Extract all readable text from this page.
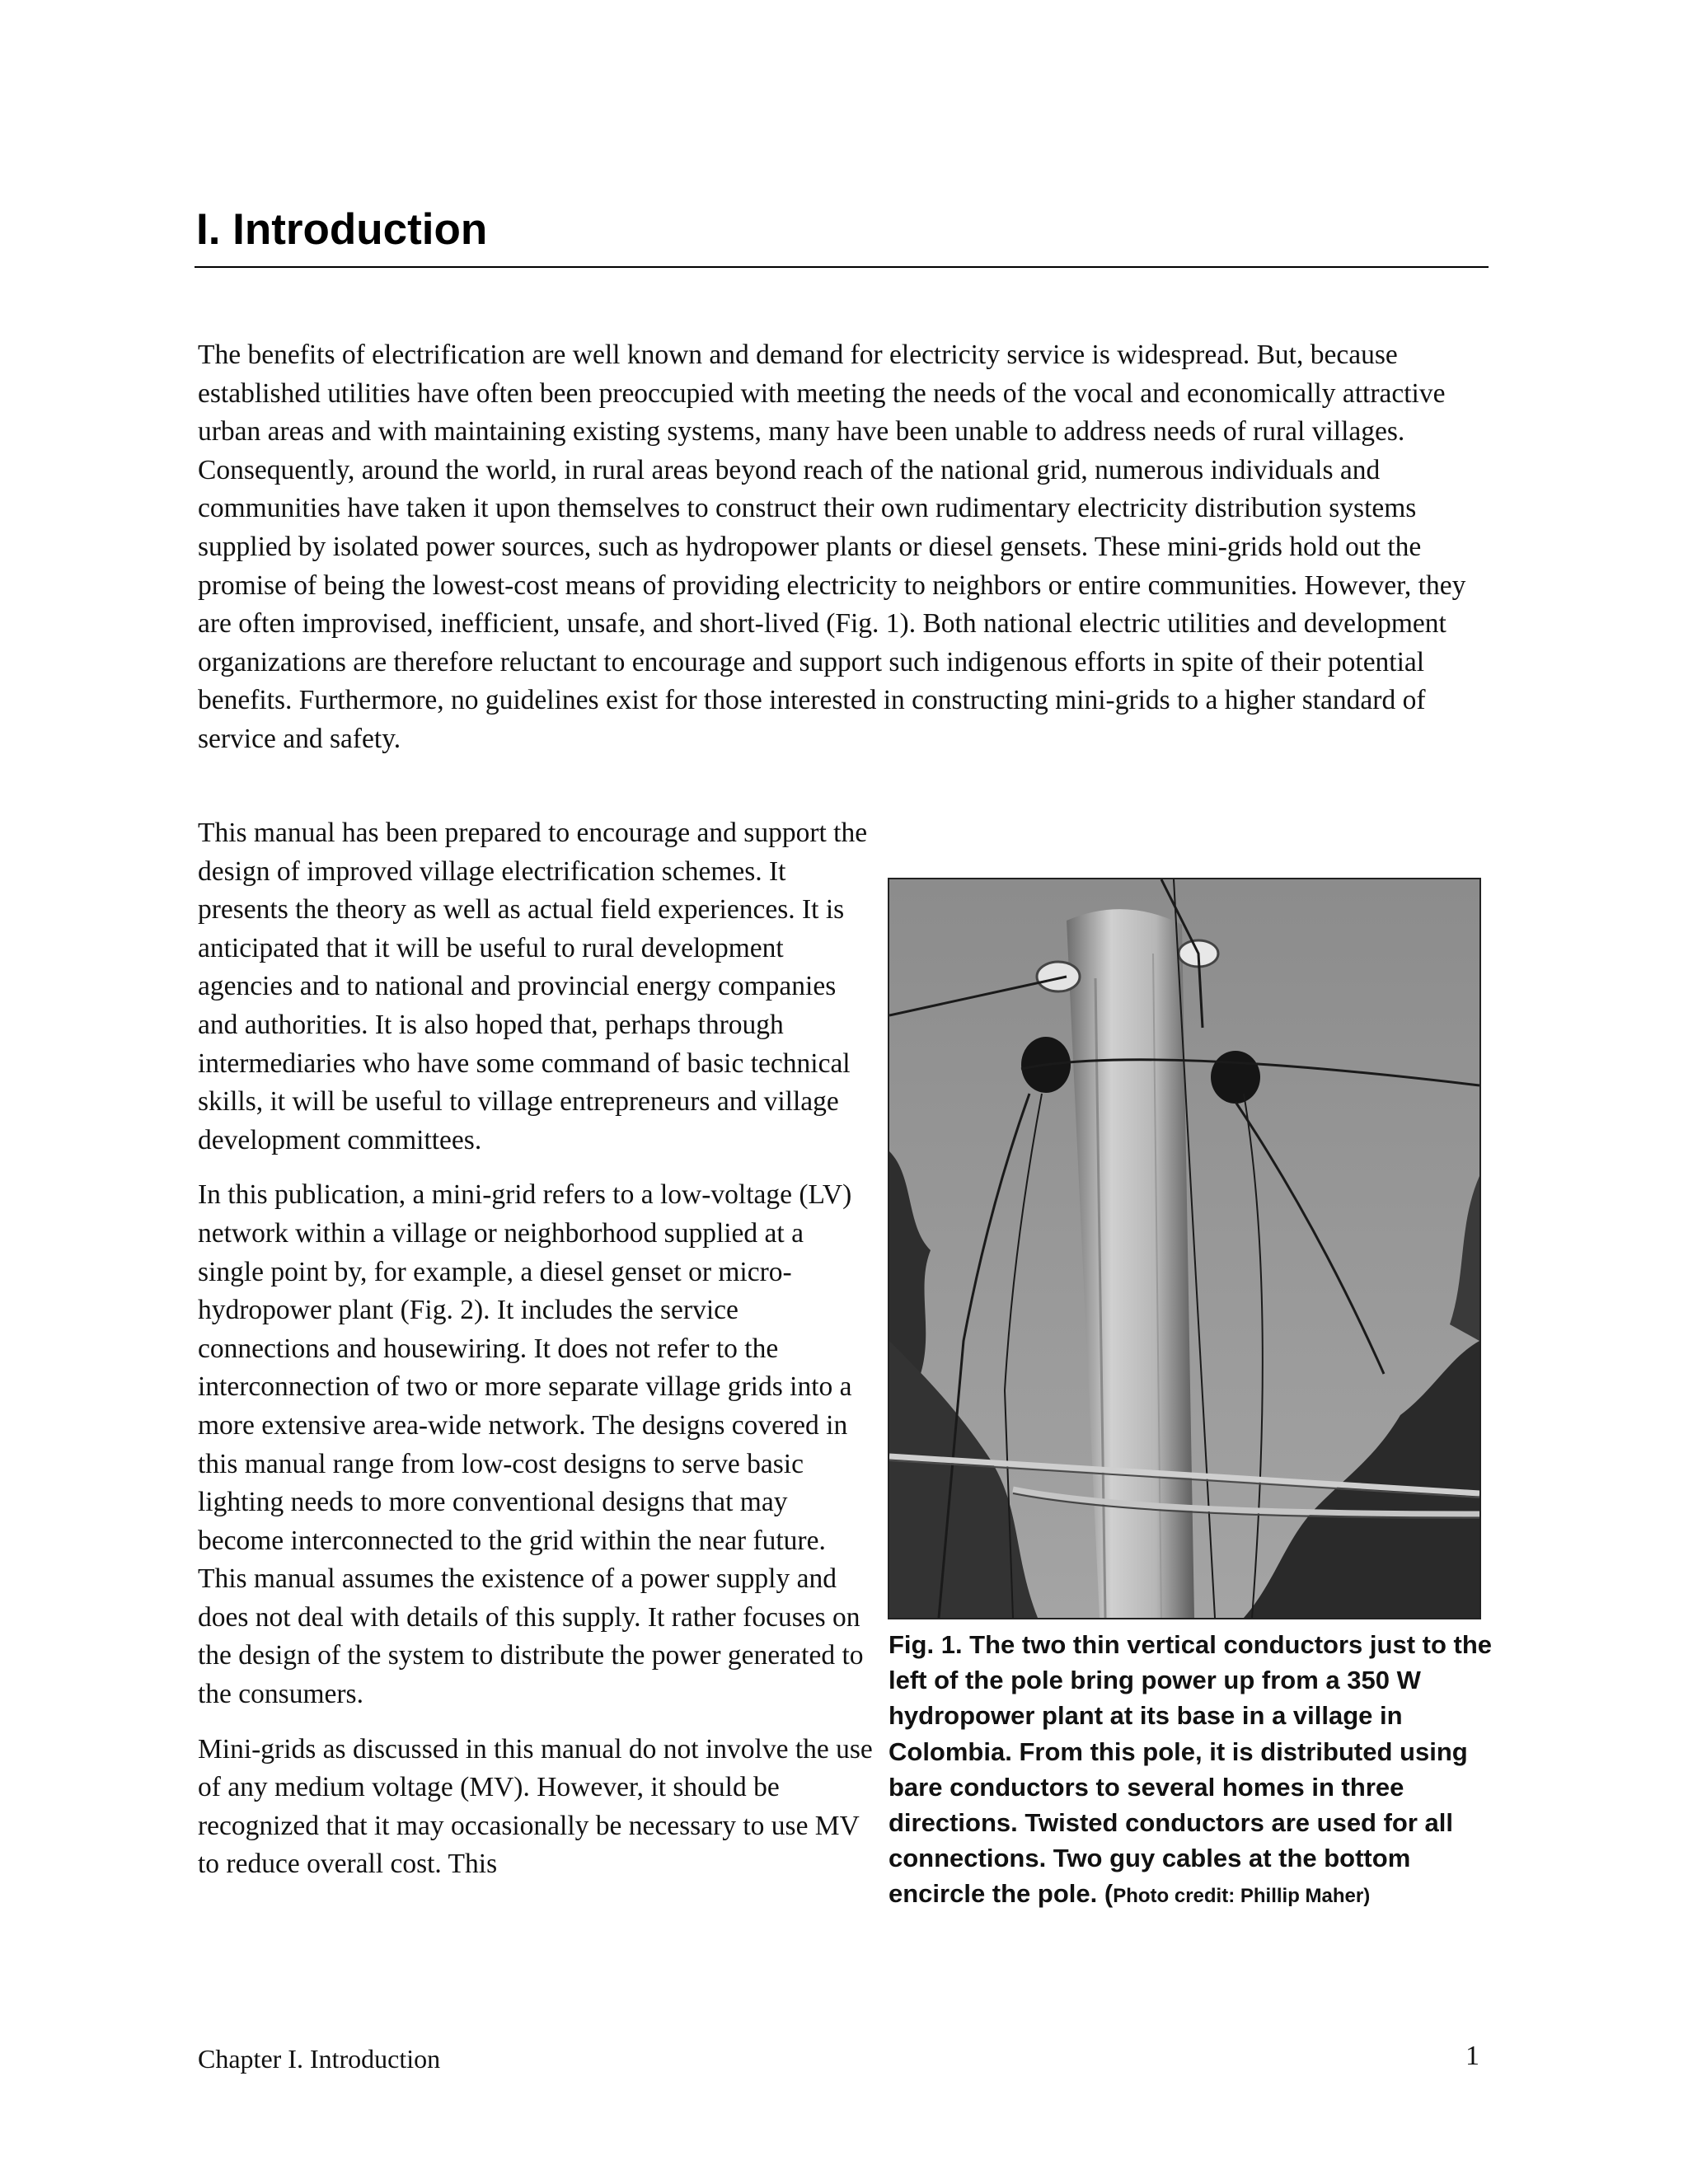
I. Introduction

The benefits of electrification are well known and demand for electricity service is widespread. But, because established utilities have often been preoccupied with meeting the needs of the vocal and economically attractive urban areas and with maintaining existing systems, many have been unable to address needs of rural villages. Consequently, around the world, in rural areas beyond reach of the national grid, numerous individuals and communities have taken it upon themselves to construct their own rudimentary electricity distribution systems supplied by isolated power sources, such as hydropower plants or diesel gensets. These mini-grids hold out the promise of being the lowest-cost means of providing electricity to neighbors or entire communities. However, they are often improvised, inefficient, unsafe, and short-lived (Fig. 1). Both national electric utilities and development organizations are therefore reluctant to encourage and support such indigenous efforts in spite of their potential benefits. Furthermore, no guidelines exist for those interested in constructing mini-grids to a higher standard of service and safety.

This manual has been prepared to encourage and support the design of improved village electrification schemes. It presents the theory as well as actual field experiences. It is anticipated that it will be useful to rural development agencies and to national and provincial energy companies and authorities. It is also hoped that, perhaps through intermediaries who have some command of basic technical skills, it will be useful to village entrepreneurs and village development committees.

In this publication, a mini-grid refers to a low-voltage (LV) network within a village or neighborhood supplied at a single point by, for example, a diesel genset or micro-hydropower plant (Fig. 2). It includes the service connections and housewiring. It does not refer to the interconnection of two or more separate village grids into a more extensive area-wide network. The designs covered in this manual range from low-cost designs to serve basic lighting needs to more conventional designs that may become interconnected to the grid within the near future. This manual assumes the existence of a power supply and does not deal with details of this supply. It rather focuses on the design of the system to distribute the power generated to the consumers.

Mini-grids as discussed in this manual do not involve the use of any medium voltage (MV). However, it should be recognized that it may occasionally be necessary to use MV to reduce overall cost. This

Fig. 1. The two thin vertical conductors just to the left of the pole bring power up from a 350 W hydropower plant at its base in a village in Colombia. From this pole, it is distributed using bare conductors to several homes in three directions. Twisted conductors are used for all connections. Two guy cables at the bottom encircle the pole. (Photo credit: Phillip Maher)

Chapter I. Introduction	1
